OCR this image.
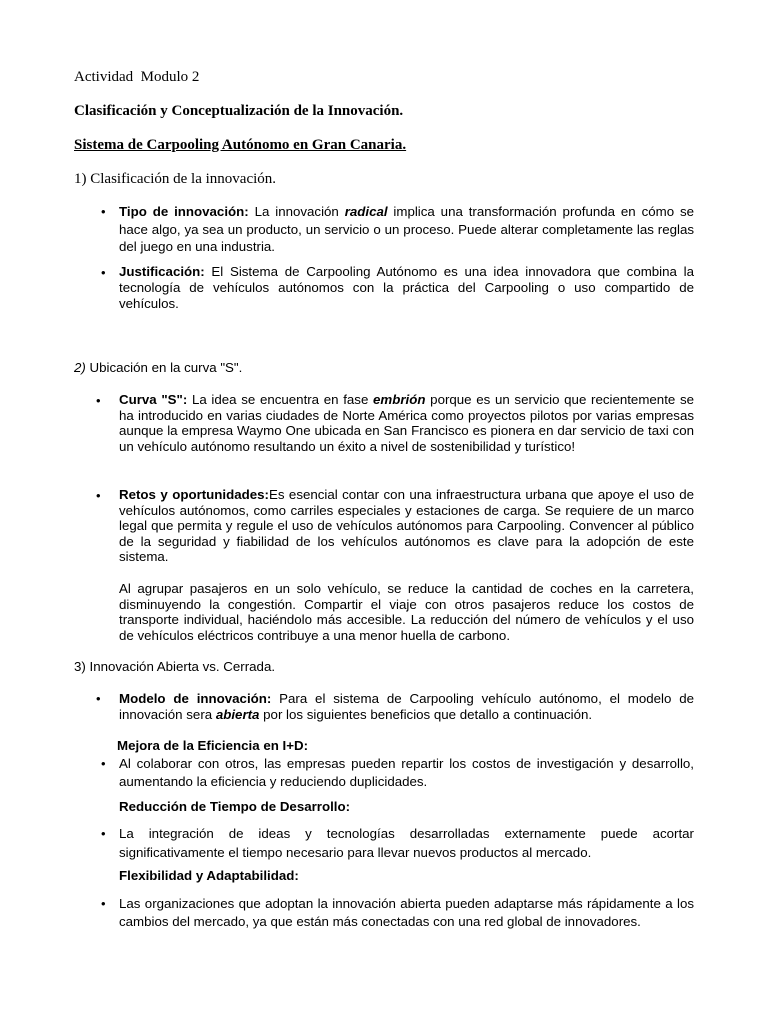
Actividad  Modulo 2
Clasificación y Conceptualización de la Innovación.
Sistema de Carpooling Autónomo en Gran Canaria.
1) Clasificación de la innovación.
• Tipo de innovación: La innovación radical implica una transformación profunda en cómo se hace algo, ya sea un producto, un servicio o un proceso. Puede alterar completamente las reglas del juego en una industria.
• Justificación: El Sistema de Carpooling Autónomo es una idea innovadora que combina la tecnología de vehículos autónomos con la práctica del Carpooling o uso compartido de vehículos.
2) Ubicación en la curva "S".
• Curva "S": La idea se encuentra en fase embrión porque es un servicio que recientemente se ha introducido en varias ciudades de Norte América como proyectos pilotos por varias empresas aunque la empresa Waymo One ubicada en San Francisco es pionera en dar servicio de taxi con un vehículo autónomo resultando un éxito a nivel de sostenibilidad y turístico!
• Retos y oportunidades:Es esencial contar con una infraestructura urbana que apoye el uso de vehículos autónomos, como carriles especiales y estaciones de carga. Se requiere de un marco legal que permita y regule el uso de vehículos autónomos para Carpooling. Convencer al público de la seguridad y fiabilidad de los vehículos autónomos es clave para la adopción de este sistema.
Al agrupar pasajeros en un solo vehículo, se reduce la cantidad de coches en la carretera, disminuyendo la congestión. Compartir el viaje con otros pasajeros reduce los costos de transporte individual, haciéndolo más accesible. La reducción del número de vehículos y el uso de vehículos eléctricos contribuye a una menor huella de carbono.
3) Innovación Abierta vs. Cerrada.
• Modelo de innovación: Para el sistema de Carpooling vehículo autónomo, el modelo de innovación sera abierta por los siguientes beneficios que detallo a continuación.
Mejora de la Eficiencia en I+D:
• Al colaborar con otros, las empresas pueden repartir los costos de investigación y desarrollo, aumentando la eficiencia y reduciendo duplicidades.
Reducción de Tiempo de Desarrollo:
• La integración de ideas y tecnologías desarrolladas externamente puede acortar significativamente el tiempo necesario para llevar nuevos productos al mercado.
Flexibilidad y Adaptabilidad:
• Las organizaciones que adoptan la innovación abierta pueden adaptarse más rápidamente a los cambios del mercado, ya que están más conectadas con una red global de innovadores.
